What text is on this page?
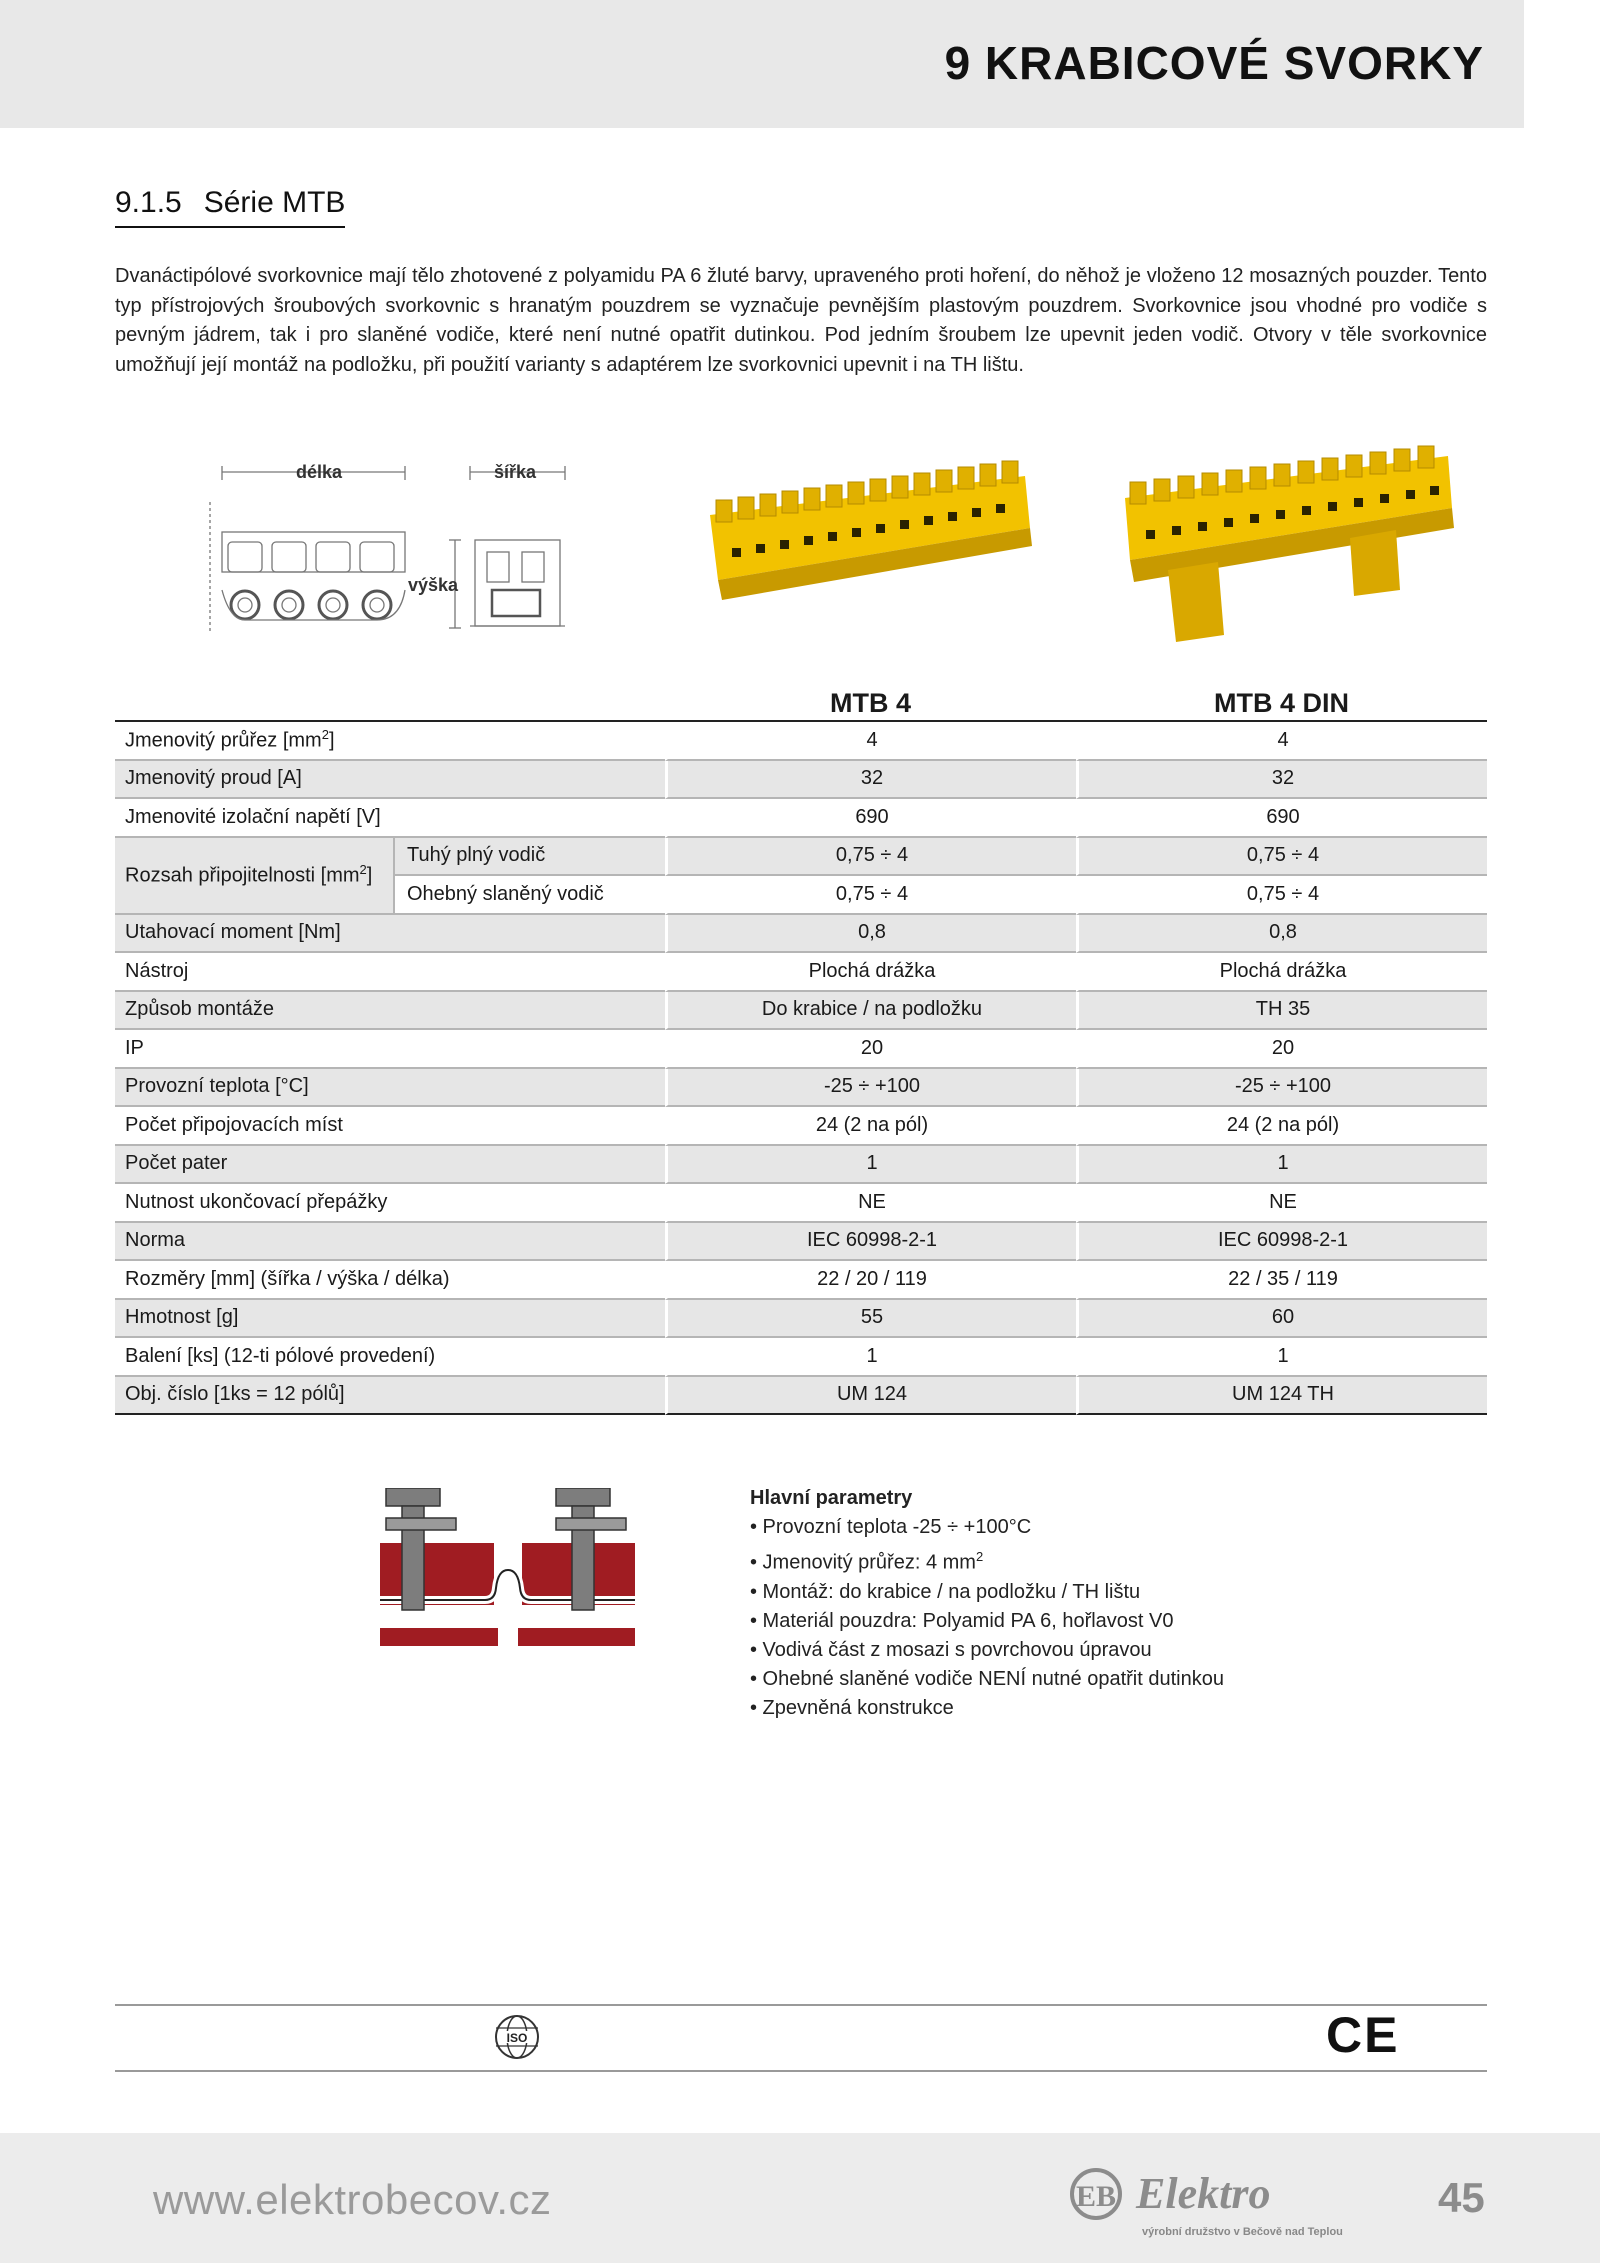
9 KRABICOVÉ SVORKY
9.1.5 Série MTB

Dvanáctipólové svorkovnice mají tělo zhotovené z polyamidu PA 6 žluté barvy, upraveného proti hoření, do něhož je vloženo 12 mosazných pouzder. Tento typ přístrojových šroubových svorkovnic s hranatým pouzdrem se vyznačuje pevnějším plastovým pouzdrem. Svorkovnice jsou vhodné pro vodiče s pevným jádrem, tak i pro slaněné vodiče, které není nutné opatřit dutinkou. Pod jedním šroubem lze upevnit jeden vodič. Otvory v těle svorkovnice umožňují její montáž na podložku, při použití varianty s adaptérem lze svorkovnici upevnit i na TH lištu.

délka	šířka
výška
		MTB 4	MTB 4 DIN
Jmenovitý průřez $[mm^2]$		4	4
Jmenovitý proud [A]		32	32
Jmenovité izolační napětí [V]		690	690
Rozsah připojitelnosti $[mm^2]$	Tuhý plný vodič	0,75 ÷ 4	0,75 ÷ 4
	Ohebný slaněný vodič	0,75 ÷ 4	0,75 ÷ 4
Utahovací moment [Nm]		0,8	0,8
Nástroj		Plochá drážka	Plochá drážka
Způsob montáže		Do krabice / na podložku	TH 35
IP		20	20
Provozní teplota [°C]		-25 ÷ +100	-25 ÷ +100
Počet připojovacích míst		24 (2 na pól)	24 (2 na pól)
Počet pater		1	1
Nutnost ukončovací přepážky		NE	NE
Norma		IEC 60998-2-1	IEC 60998-2-1
Rozměry [mm] (šířka / výška / délka)		22 / 20 / 119	22 / 35 / 119
Hmotnost [g]		55	60
Balení [ks] (12-ti pólové provedení)		1	1
Obj. číslo [1ks = 12 pólů]		UM 124	UM 124 TH
Hlavní parametry
• Provozní teplota -25 ÷ +100°C
• Jmenovitý průřez: 4 $mm^2$
• Montáž: do krabice / na podložku / TH lištu
• Materiál pouzdra: Polyamid PA 6, hořlavost V0
• Vodivá část z mosazi s povrchovou úpravou
• Ohebné slaněné vodiče NENÍ nutné opatřit dutinkou
• Zpevněná konstrukce
ISO	CE
www.elektrobecov.cz	EB Elektro
výrobní družstvo v Bečově nad Teplou
45
